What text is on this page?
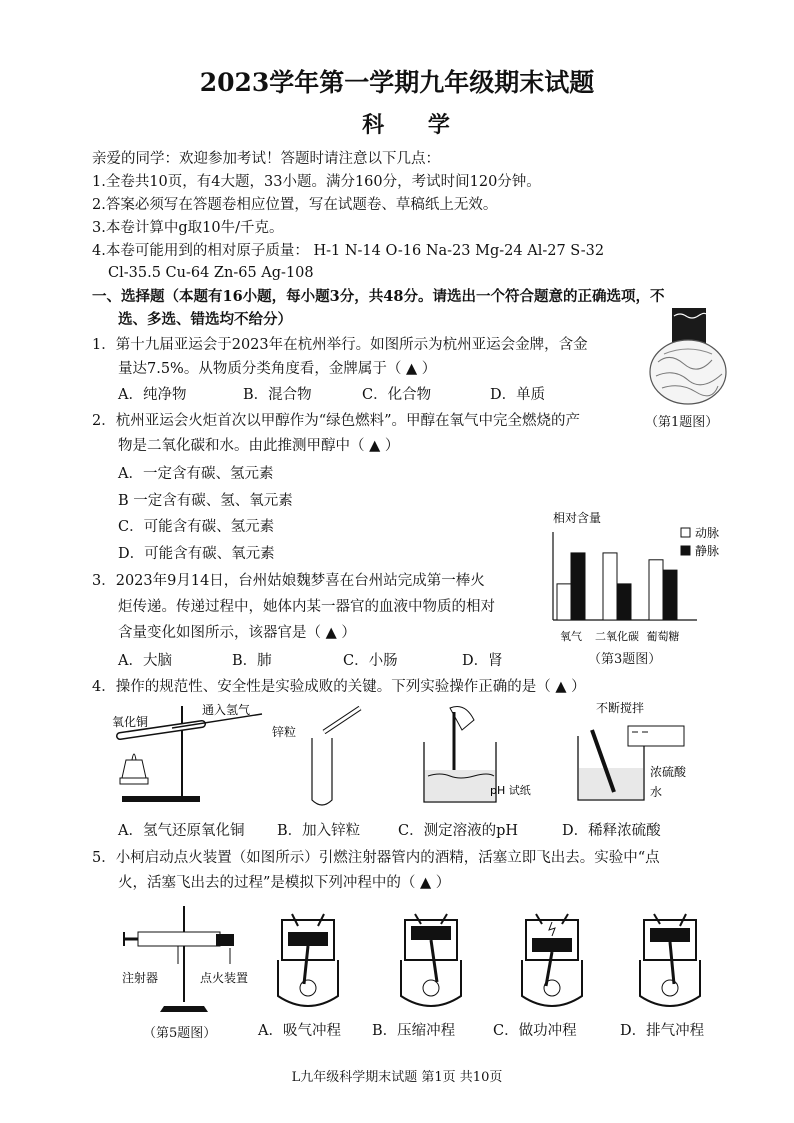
2023学年第一学期九年级期末试题
科 学
亲爱的同学：欢迎参加考试！答题时请注意以下几点：
1.全卷共10页，有4大题，33小题。满分160分，考试时间120分钟。
2.答案必须写在答题卷相应位置，写在试题卷、草稿纸上无效。
3.本卷计算中g取10牛/千克。
4.本卷可能用到的相对原子质量： H-1 N-14 O-16 Na-23 Mg-24 Al-27 S-32
Cl-35.5 Cu-64 Zn-65 Ag-108
一、选择题（本题有16小题，每小题3分，共48分。请选出一个符合题意的正确选项，不
选、多选、错选均不给分）
1．第十九届亚运会于2023年在杭州举行。如图所示为杭州亚运会金牌，含金
量达7.5%。从物质分类角度看，金牌属于（ ▲ ）
A．纯净物	B．混合物	C．化合物	D．单质
（第1题图）
2．杭州亚运会火炬首次以甲醇作为“绿色燃料”。甲醇在氧气中完全燃烧的产
物是二氧化碳和水。由此推测甲醇中（ ▲ ）
A．一定含有碳、氢元素
B 一定含有碳、氢、氧元素
C．可能含有碳、氢元素
D．可能含有碳、氧元素
相对含量
动脉
静脉
氧气 二氧化碳 葡萄糖
（第3题图）
3．2023年9月14日，台州姑娘魏梦喜在台州站完成第一棒火
炬传递。传递过程中，她体内某一器官的血液中物质的相对
含量变化如图所示，该器官是（ ▲ ）
A．大脑	B．肺	C．小肠	D．肾
4．操作的规范性、安全性是实验成败的关键。下列实验操作正确的是（ ▲ ）
通入氢气
氧化铜
锌粒
pH 试纸
不断搅拌
浓硫酸
水
A．氢气还原氧化铜 B．加入锌粒	C．测定溶液的pH	D．稀释浓硫酸
5．小柯启动点火装置（如图所示）引燃注射器管内的酒精，活塞立即飞出去。实验中“点
火，活塞飞出去的过程”是模拟下列冲程中的（ ▲ ）
注射器	点火装置
（第5题图）	A．吸气冲程 B．压缩冲程	C．做功冲程	D．排气冲程
L九年级科学期末试题 第1页 共10页
